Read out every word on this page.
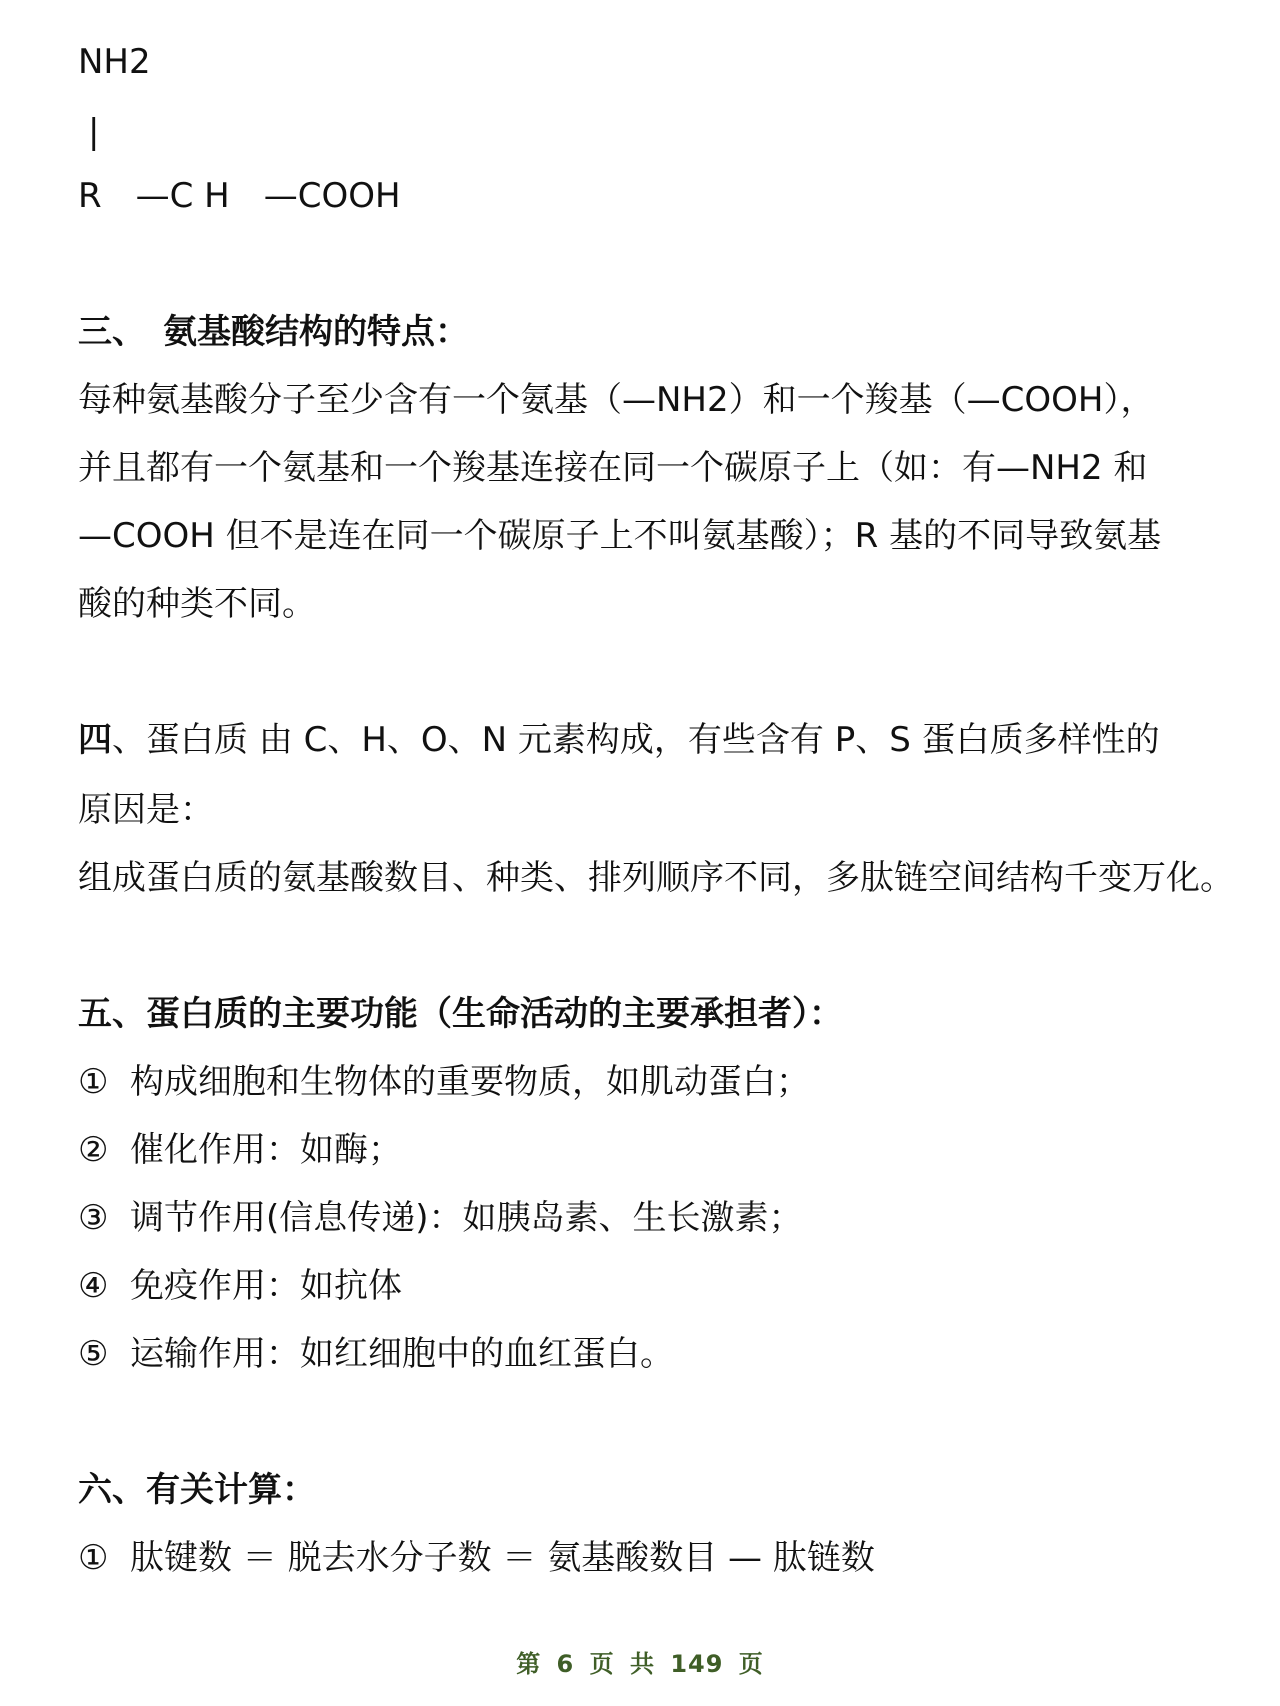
NH2
|
R　—C H　—COOH
三、　氨基酸结构的特点：
每种氨基酸分子至少含有一个氨基（—NH2）和一个羧基（—COOH），
并且都有一个氨基和一个羧基连接在同一个碳原子上（如：有—NH2 和
—COOH 但不是连在同一个碳原子上不叫氨基酸）；R 基的不同导致氨基
酸的种类不同。
四、蛋白质 由 C、H、O、N 元素构成，有些含有 P、S 蛋白质多样性的
原因是：
组成蛋白质的氨基酸数目、种类、排列顺序不同，多肽链空间结构千变万化。
五、蛋白质的主要功能（生命活动的主要承担者）：
① 构成细胞和生物体的重要物质，如肌动蛋白；
② 催化作用：如酶；
③ 调节作用(信息传递)：如胰岛素、生长激素；
④ 免疫作用：如抗体
⑤ 运输作用：如红细胞中的血红蛋白。
六、有关计算：
① 肽键数 ＝ 脱去水分子数 ＝ 氨基酸数目 — 肽链数
第 6 页 共 149 页
